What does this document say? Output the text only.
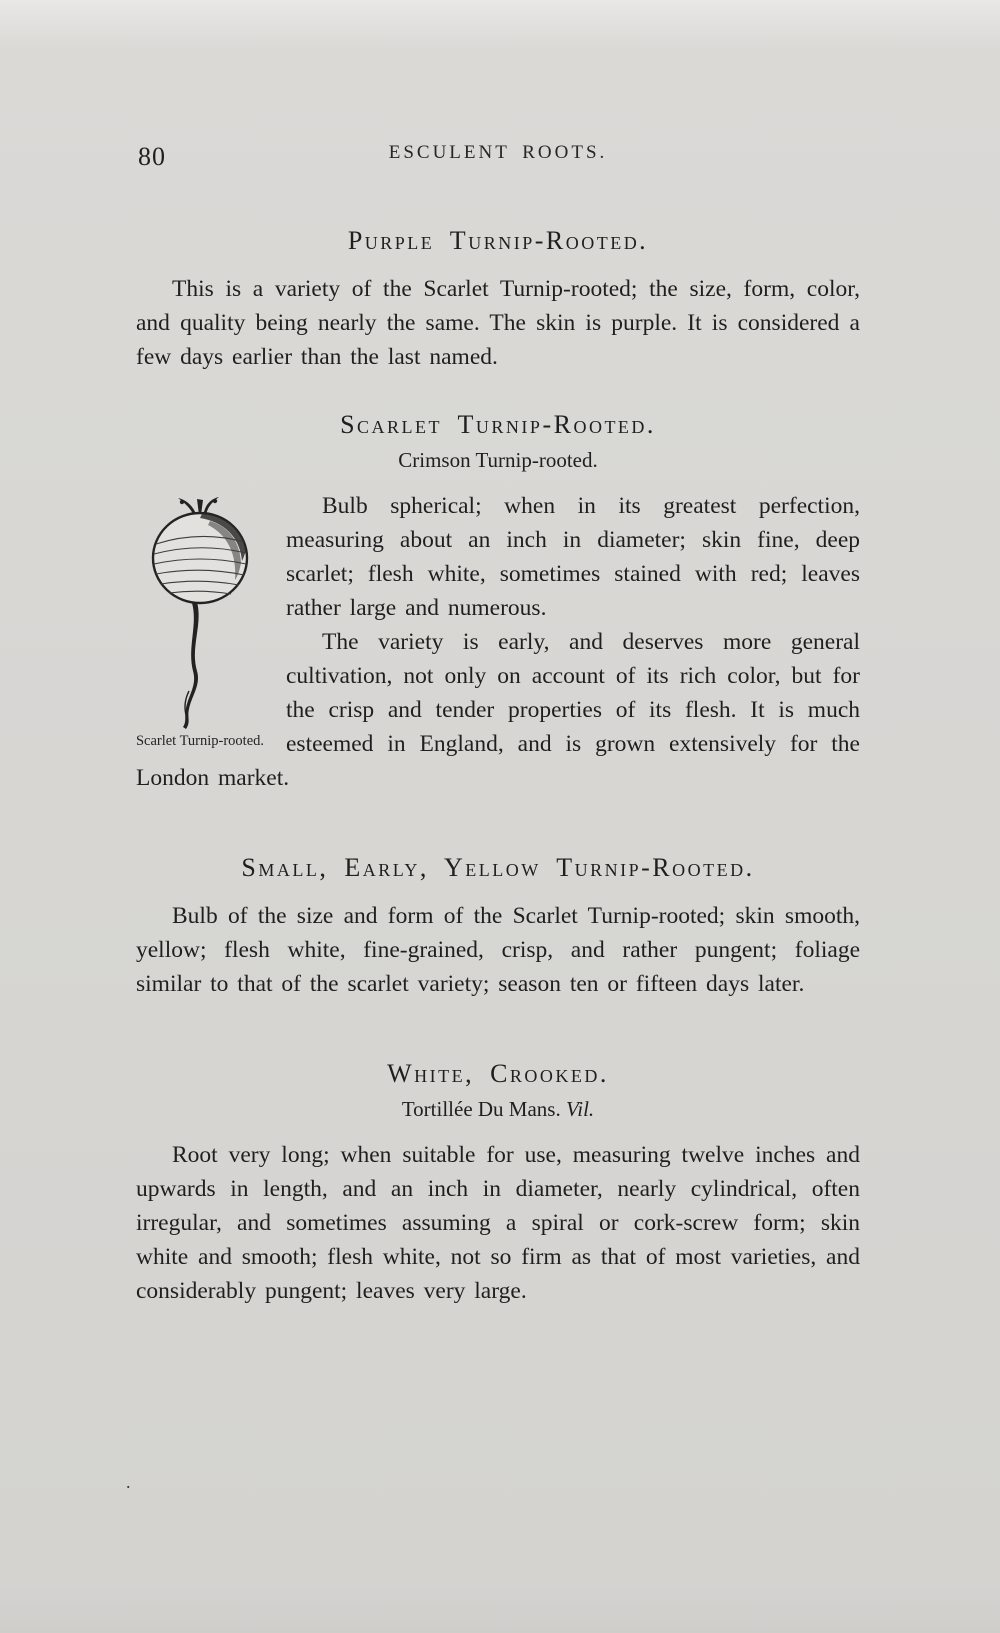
80	ESCULENT ROOTS.
Purple Turnip-Rooted.

This is a variety of the Scarlet Turnip-rooted; the size, form, color, and quality being nearly the same. The skin is purple. It is considered a few days earlier than the last named.

Scarlet Turnip-Rooted.

Crimson Turnip-rooted.

Scarlet Turnip-rooted.

Bulb spherical; when in its greatest perfection, measuring about an inch in diameter; skin fine, deep scarlet; flesh white, sometimes stained with red; leaves rather large and numerous.

The variety is early, and deserves more general cultivation, not only on account of its rich color, but for the crisp and tender properties of its flesh. It is much esteemed in England, and is grown extensively for the London market.

Small, Early, Yellow Turnip-Rooted.

Bulb of the size and form of the Scarlet Turnip-rooted; skin smooth, yellow; flesh white, fine-grained, crisp, and rather pungent; foliage similar to that of the scarlet variety; season ten or fifteen days later.

White, Crooked.

Tortillée Du Mans. Vil.

Root very long; when suitable for use, measuring twelve inches and upwards in length, and an inch in diameter, nearly cylindrical, often irregular, and sometimes assuming a spiral or cork-screw form; skin white and smooth; flesh white, not so firm as that of most varieties, and considerably pungent; leaves very large.

.
